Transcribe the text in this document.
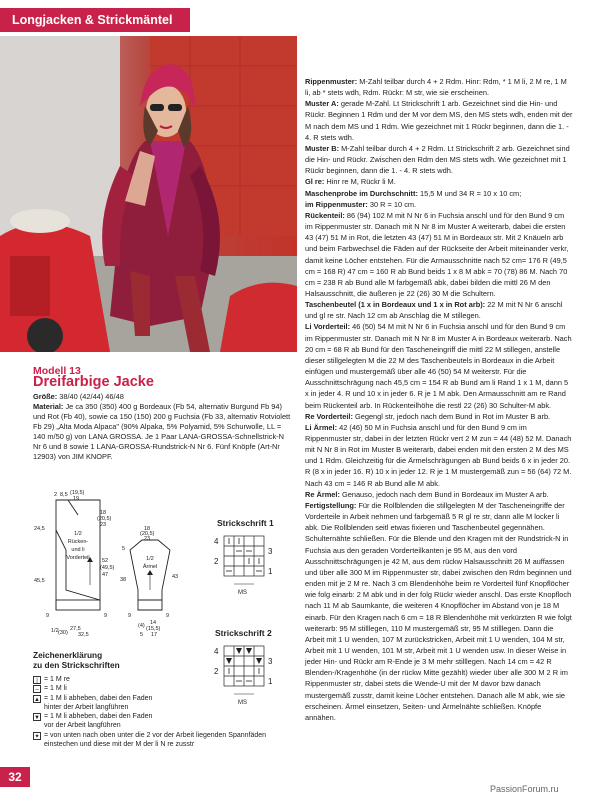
Longjacken & Strickmäntel
Modell 13
Dreifarbige Jacke

Größe: 38/40 (42/44) 46/48

Material: Je ca 350 (350) 400 g Bordeaux (Fb 54, alternativ Burgund Fb 94) und Rot (Fb 40), sowie ca 150 (150) 200 g Fuchsia (Fb 33, alternativ Rotviolett Fb 29) „Alta Moda Alpaca" (90% Alpaka, 5% Polyamid, 5% Schurwolle, LL = 140 m/50 g) von LANA GROSSA. Je 1 Paar LANA-GROSSA-Schnellstrick-N Nr 6 und 8 sowie 1 LANA-GROSSA-Rundstrick-N Nr 6. Fünf Knöpfe (Art-Nr 12903) von JIM KNOPF.

1/2
Rücken-
und li
Vorderteil	1/2
Ärmel
2 8,5 (19,5)
19
18
(20,5)
23
24,5
45,5
52
(49,5)
47
9	9
(30)
27,5
32,5
1/2
18
(20,5)
23
5
38	43
9	9
(4) 14
(15,5)
17
5
Strickschrift 1
4
2
3
1
MS
Strickschrift 2
4
2
3
1
MS
Zeichenerklärung
zu den Strickschriften
| = 1 M re
– = 1 M li
▲ = 1 M li abheben, dabei den Faden
hinter der Arbeit langführen
▼ = 1 M li abheben, dabei den Faden
vor der Arbeit langführen
✦ = von unten nach oben unter die 2 vor der Arbeit liegenden Spannfäden
einstechen und diese mit der M der li N re zusstr

Rippenmuster: M-Zahl teilbar durch 4 + 2 Rdm. Hinr: Rdm, * 1 M li, 2 M re, 1 M li, ab * stets wdh, Rdm. Rückr: M str, wie sie erscheinen.

Muster A: gerade M-Zahl. Lt Strickschrift 1 arb. Gezeichnet sind die Hin- und Rückr. Beginnen 1 Rdm und der M vor dem MS, den MS stets wdh, enden mit der M nach dem MS und 1 Rdm. Wie gezeichnet mit 1 Rückr beginnen, dann die 1. - 4. R stets wdh.

Muster B: M-Zahl teilbar durch 4 + 2 Rdm. Lt Strickschrift 2 arb. Gezeichnet sind die Hin- und Rückr. Zwischen den Rdm den MS stets wdh. Wie gezeichnet mit 1 Rückr beginnen, dann die 1. - 4. R stets wdh.

Gl re: Hinr re M, Rückr li M.

Maschenprobe im Durchschnitt: 15,5 M und 34 R = 10 x 10 cm;

im Rippenmuster: 30 R = 10 cm.

Rückenteil: 86 (94) 102 M mit N Nr 6 in Fuchsia anschl und für den Bund 9 cm im Rippenmuster str. Danach mit N Nr 8 im Muster A weiterarb, dabei die ersten 43 (47) 51 M in Rot, die letzten 43 (47) 51 M in Bordeaux str. Mit 2 Knäueln arb und beim Farbwechsel die Fäden auf der Rückseite der Arbeit miteinander verkr, damit keine Löcher entstehen. Für die Armausschnitte nach 52 cm= 176 R (49,5 cm = 168 R) 47 cm = 160 R ab Bund beids 1 x 8 M abk = 70 (78) 86 M. Nach 70 cm = 238 R ab Bund alle M farbgemäß abk, dabei bilden die mittl 26 M den Halsausschnitt, die äußeren je 22 (26) 30 M die Schultern.

Taschenbeutel (1 x in Bordeaux und 1 x in Rot arb): 22 M mit N Nr 6 anschl und gl re str. Nach 12 cm ab Anschlag die M stillegen.

Li Vorderteil: 46 (50) 54 M mit N Nr 6 in Fuchsia anschl und für den Bund 9 cm im Rippenmuster str. Danach mit N Nr 8 im Muster A in Bordeaux weiterarb. Nach 20 cm = 68 R ab Bund für den Tascheneingriff die mittl 22 M stillegen, anstelle dieser stillgelegten M die 22 M des Taschenbeutels in Bordeaux in die Arbeit einfügen und mustergemäß über alle 46 (50) 54 M weiterstr. Für die Ausschnittschrägung nach 45,5 cm = 154 R ab Bund am li Rand 1 x 1 M, dann 5 x in jeder 4. R und 10 x in jeder 6. R je 1 M abk. Den Armausschnitt am re Rand beim Rückenteil arb. In Rückenteilhöhe die restl 22 (26) 30 Schulter-M abk.

Re Vorderteil: Gegengl str, jedoch nach dem Bund in Rot im Muster B arb.

Li Ärmel: 42 (46) 50 M in Fuchsia anschl und für den Bund 9 cm im Rippenmuster str, dabei in der letzten Rückr vert 2 M zun = 44 (48) 52 M. Danach mit N Nr 8 in Rot im Muster B weiterarb, dabei enden mit den ersten 2 M des MS und 1 Rdm. Gleichzeitig für die Ärmelschrägungen ab Bund beids 6 x in jeder 20. R (8 x in jeder 16. R) 10 x in jeder 12. R je 1 M mustergemäß zun = 56 (64) 72 M. Nach 43 cm = 146 R ab Bund alle M abk.

Re Ärmel: Genauso, jedoch nach dem Bund in Bordeaux im Muster A arb.

Fertigstellung: Für die Rollblenden die stillgelegten M der Tascheneingriffe der Vorderteile in Arbeit nehmen und farbgemäß 5 R gl re str, dann alle M locker li abk. Die Rollblenden seitl etwas fixieren und Taschenbeutel gegennähen. Schulternähte schließen. Für die Blende und den Kragen mit der Rundstrick-N in Fuchsia aus den geraden Vorderteilkanten je 95 M, aus den vord Ausschnittschrägungen je 42 M, aus dem rückw Halsausschnitt 26 M auffassen und über alle 300 M im Rippenmuster str, dabei zwischen den Rdm beginnen und enden mit je 2 M re. Nach 3 cm Blendenhöhe beim re Vorderteil fünf Knopflöcher wie folg einarb: 2 M abk und in der folg Rückr wieder anschl. Das erste Knopfloch nach 11 M ab Saumkante, die weiteren 4 Knopflöcher im Abstand von je 18 M einarb. Für den Kragen nach 6 cm = 18 R Blendenhöhe mit verkürzten R wie folgt weiterarb: 95 M stilllegen, 110 M mustergemäß str, 95 M stilllegen. Dann die Arbeit mit 1 U wenden, 107 M zurückstricken, Arbeit mit 1 U wenden, 104 M str, Arbeit mit 1 U wenden, 101 M str, Arbeit mit 1 U wenden usw. In dieser Weise in jeder Hin- und Rückr am R-Ende je 3 M mehr stilllegen. Nach 14 cm = 42 R Blenden-/Kragenhöhe (in der rückw Mitte gezählt) wieder über alle 300 M 2 R im Rippenmuster str, dabei stets die Wende-U mit der M davor bzw danach mustergemäß zusstr, damit keine Löcher entstehen. Danach alle M abk, wie sie erscheinen. Ärmel einsetzen, Seiten- und Ärmelnähte schließen. Knöpfe annähen.

32
PassionForum.ru
